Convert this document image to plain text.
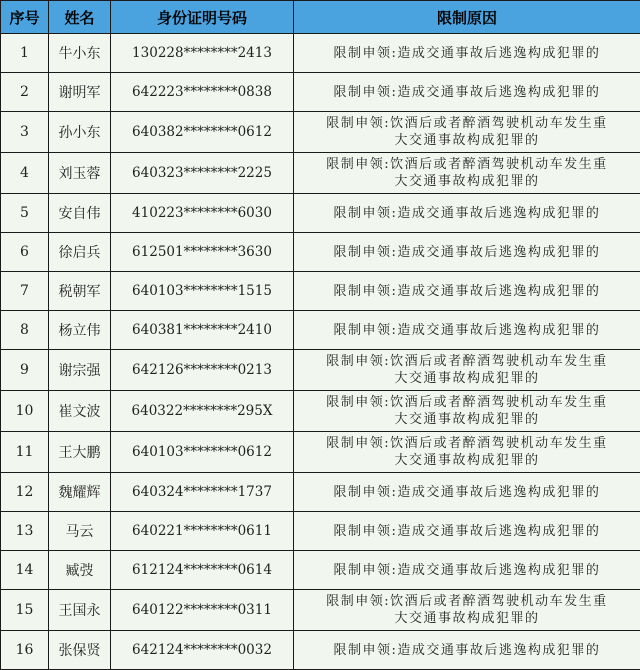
序号	姓名	身份证明号码	限制原因
1	牛小东	130228********2413	限制申领:造成交通事故后逃逸构成犯罪的

2	谢明军	642223********0838	限制申领:造成交通事故后逃逸构成犯罪的

3	孙小东	640382********0612	限制申领:饮酒后或者醉酒驾驶机动车发生重
大交通事故构成犯罪的

4	刘玉蓉	640323********2225	限制申领:饮酒后或者醉酒驾驶机动车发生重
大交通事故构成犯罪的

5	安自伟	410223********6030	限制申领:造成交通事故后逃逸构成犯罪的

6	徐启兵	612501********3630	限制申领:造成交通事故后逃逸构成犯罪的

7	税朝军	640103********1515	限制申领:造成交通事故后逃逸构成犯罪的

8	杨立伟	640381********2410	限制申领:造成交通事故后逃逸构成犯罪的

9	谢宗强	642126********0213	限制申领:饮酒后或者醉酒驾驶机动车发生重
大交通事故构成犯罪的

10	崔文波	640322********295X	限制申领:饮酒后或者醉酒驾驶机动车发生重
大交通事故构成犯罪的

11	王大鹏	640103********0612	限制申领:饮酒后或者醉酒驾驶机动车发生重
大交通事故构成犯罪的

12	魏耀辉	640324********1737	限制申领:造成交通事故后逃逸构成犯罪的

13	马云	640221********0611	限制申领:造成交通事故后逃逸构成犯罪的

14	臧弢	612124********0614	限制申领:造成交通事故后逃逸构成犯罪的

15	王国永	640122********0311	限制申领:饮酒后或者醉酒驾驶机动车发生重
大交通事故构成犯罪的

16	张保贤	642124********0032	限制申领:造成交通事故后逃逸构成犯罪的
